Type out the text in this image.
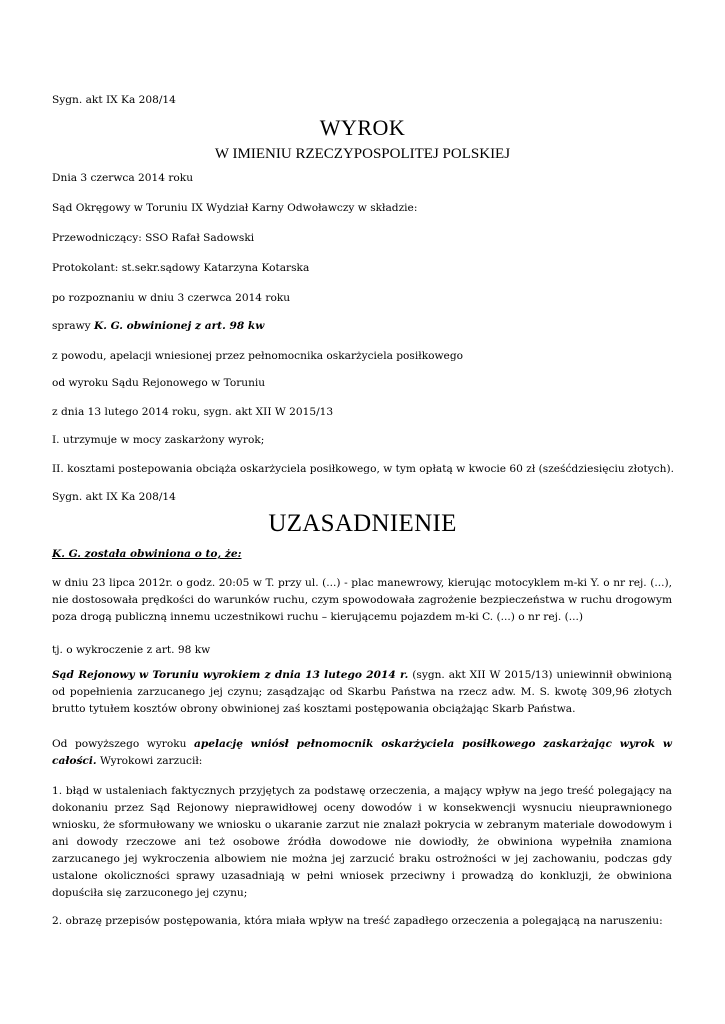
Sygn. akt IX Ka 208/14
WYROK
W IMIENIU RZECZYPOSPOLITEJ POLSKIEJ
Dnia 3 czerwca 2014 roku
Sąd Okręgowy w Toruniu IX Wydział Karny Odwoławczy w składzie:
Przewodniczący: SSO Rafał Sadowski
Protokolant: st.sekr.sądowy Katarzyna Kotarska
po rozpoznaniu w dniu 3 czerwca 2014 roku
sprawy K. G. obwinionej z art. 98 kw
z powodu, apelacji wniesionej przez pełnomocnika oskarżyciela posiłkowego
od wyroku Sądu Rejonowego w Toruniu
z dnia 13 lutego 2014 roku, sygn. akt XII W 2015/13
I. utrzymuje w mocy zaskarżony wyrok;
II. kosztami postepowania obciąża oskarżyciela posiłkowego, w tym opłatą w kwocie 60 zł (sześćdziesięciu złotych).
Sygn. akt IX Ka 208/14
UZASADNIENIE
K. G. została obwiniona o to, że:
w dniu 23 lipca 2012r. o godz. 20:05 w T. przy ul. (...) - plac manewrowy, kierując motocyklem m-ki Y. o nr rej. (...), nie dostosowała prędkości do warunków ruchu, czym spowodowała zagrożenie bezpieczeństwa w ruchu drogowym poza drogą publiczną innemu uczestnikowi ruchu – kierującemu pojazdem m-ki C. (...) o nr rej. (...)
tj. o wykroczenie z art. 98 kw
Sąd Rejonowy w Toruniu wyrokiem z dnia 13 lutego 2014 r. (sygn. akt XII W 2015/13) uniewinnił obwinioną od popełnienia zarzucanego jej czynu; zasądzając od Skarbu Państwa na rzecz adw. M. S. kwotę 309,96 złotych brutto tytułem kosztów obrony obwinionej zaś kosztami postępowania obciążając Skarb Państwa.
Od powyższego wyroku apelację wniósł pełnomocnik oskarżyciela posiłkowego zaskarżając wyrok w całości. Wyrokowi zarzucił:
1. błąd w ustaleniach faktycznych przyjętych za podstawę orzeczenia, a mający wpływ na jego treść polegający na dokonaniu przez Sąd Rejonowy nieprawidłowej oceny dowodów i w konsekwencji wysnuciu nieuprawnionego wniosku, że sformułowany we wniosku o ukaranie zarzut nie znalazł pokrycia w zebranym materiale dowodowym i ani dowody rzeczowe ani też osobowe źródła dowodowe nie dowiodły, że obwiniona wypełniła znamiona zarzucanego jej wykroczenia albowiem nie można jej zarzucić braku ostrożności w jej zachowaniu, podczas gdy ustalone okoliczności sprawy uzasadniają w pełni wniosek przeciwny i prowadzą do konkluzji, że obwiniona dopuściła się zarzuconego jej czynu;
2. obrazę przepisów postępowania, która miała wpływ na treść zapadłego orzeczenia a polegającą na naruszeniu:
